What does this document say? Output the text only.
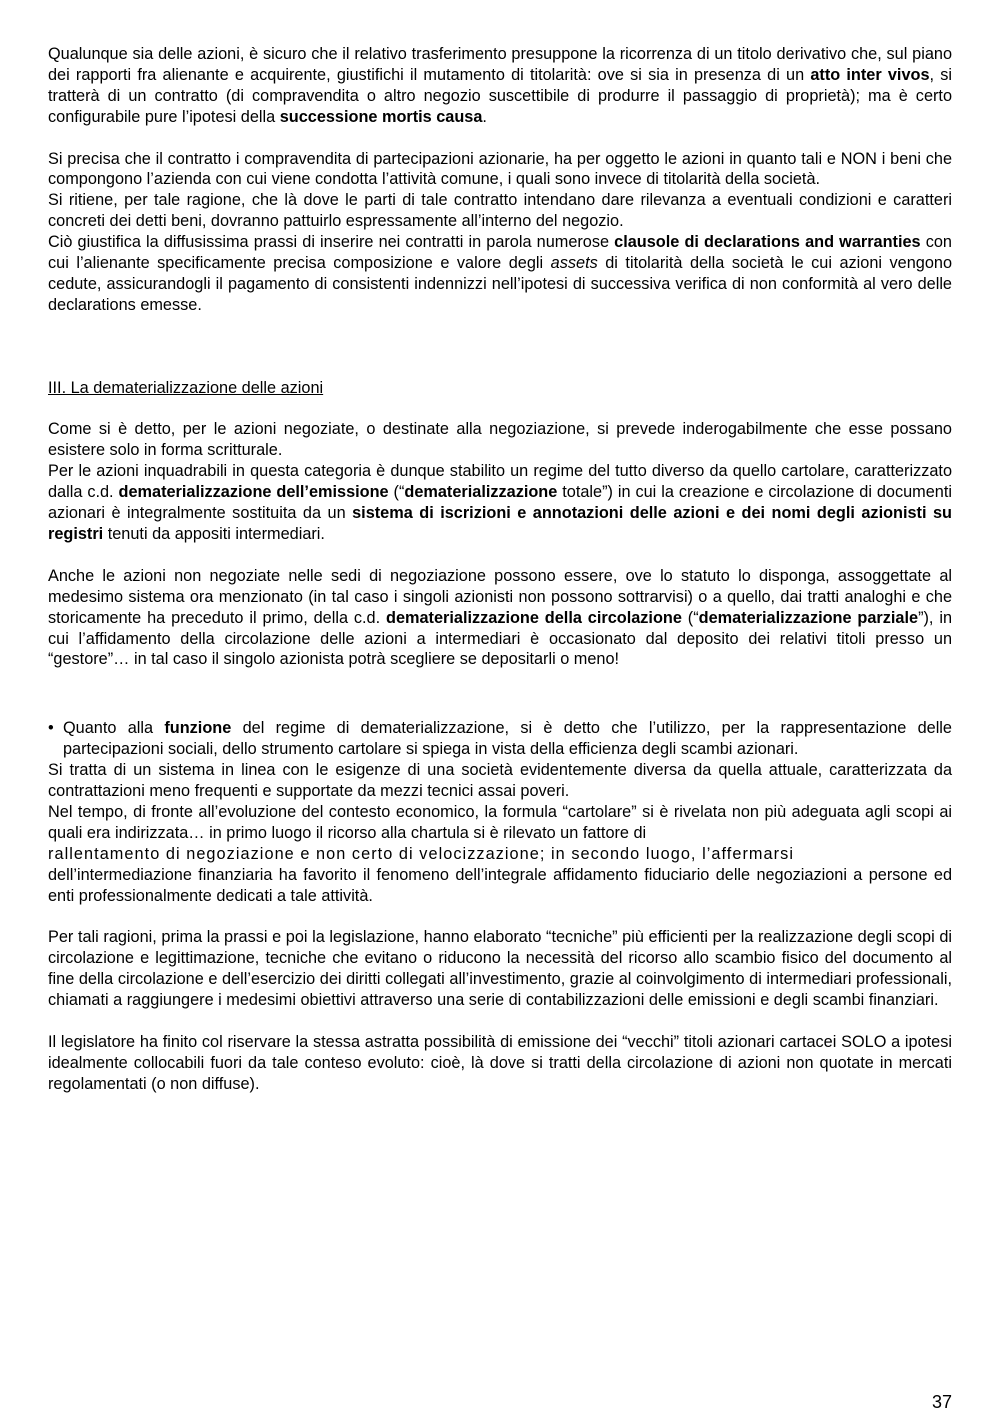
Qualunque sia delle azioni, è sicuro che il relativo trasferimento presuppone la ricorrenza di un titolo derivativo che, sul piano dei rapporti fra alienante e acquirente, giustifichi il mutamento di titolarità: ove si sia in presenza di un atto inter vivos, si tratterà di un contratto (di compravendita o altro negozio suscettibile di produrre il passaggio di proprietà); ma è certo configurabile pure l’ipotesi della successione mortis causa.

Si precisa che il contratto i compravendita di partecipazioni azionarie, ha per oggetto le azioni in quanto tali e NON i beni che compongono l’azienda con cui viene condotta l’attività comune, i quali sono invece di titolarità della società.

Si ritiene, per tale ragione, che là dove le parti di tale contratto intendano dare rilevanza a eventuali condizioni e caratteri concreti dei detti beni, dovranno pattuirlo espressamente all’interno del negozio.

Ciò giustifica la diffusissima prassi di inserire nei contratti in parola numerose clausole di declarations and warranties con cui l’alienante specificamente precisa composizione e valore degli assets di titolarità della società le cui azioni vengono cedute, assicurandogli il pagamento di consistenti indennizzi nell’ipotesi di successiva verifica di non conformità al vero delle declarations emesse.

III. La dematerializzazione delle azioni

Come si è detto, per le azioni negoziate, o destinate alla negoziazione, si prevede inderogabilmente che esse possano esistere solo in forma scritturale.

Per le azioni inquadrabili in questa categoria è dunque stabilito un regime del tutto diverso da quello cartolare, caratterizzato dalla c.d. dematerializzazione dell’emissione (“dematerializzazione totale”) in cui la creazione e circolazione di documenti azionari è integralmente sostituita da un sistema di iscrizioni e annotazioni delle azioni e dei nomi degli azionisti su registri tenuti da appositi intermediari.

Anche le azioni non negoziate nelle sedi di negoziazione possono essere, ove lo statuto lo disponga, assoggettate al medesimo sistema ora menzionato (in tal caso i singoli azionisti non possono sottrarvisi) o a quello, dai tratti analoghi e che storicamente ha preceduto il primo, della c.d. dematerializzazione della circolazione (“dematerializzazione parziale”), in cui l’affidamento della circolazione delle azioni a intermediari è occasionato dal deposito dei relativi titoli presso un “gestore”… in tal caso il singolo azionista potrà scegliere se depositarli o meno!

• Quanto alla funzione del regime di dematerializzazione, si è detto che l’utilizzo, per la rappresentazione delle partecipazioni sociali, dello strumento cartolare si spiega in vista della efficienza degli scambi azionari.

Si tratta di un sistema in linea con le esigenze di una società evidentemente diversa da quella attuale, caratterizzata da contrattazioni meno frequenti e supportate da mezzi tecnici assai poveri.

Nel tempo, di fronte all’evoluzione del contesto economico, la formula “cartolare” si è rivelata non più adeguata agli scopi ai quali era indirizzata… in primo luogo il ricorso alla chartula si è rilevato un fattore di

rallentamento di negoziazione e non certo di velocizzazione; in secondo luogo, l’affermarsi

dell’intermediazione finanziaria ha favorito il fenomeno dell’integrale affidamento fiduciario delle negoziazioni a persone ed enti professionalmente dedicati a tale attività.

Per tali ragioni, prima la prassi e poi la legislazione, hanno elaborato “tecniche” più efficienti per la realizzazione degli scopi di circolazione e legittimazione, tecniche che evitano o riducono la necessità del ricorso allo scambio fisico del documento al fine della circolazione e dell’esercizio dei diritti collegati all’investimento, grazie al coinvolgimento di intermediari professionali, chiamati a raggiungere i medesimi obiettivi attraverso una serie di contabilizzazioni delle emissioni e degli scambi finanziari.

Il legislatore ha finito col riservare la stessa astratta possibilità di emissione dei “vecchi” titoli azionari cartacei SOLO a ipotesi idealmente collocabili fuori da tale conteso evoluto: cioè, là dove si tratti della circolazione di azioni non quotate in mercati regolamentati (o non diffuse).

37
